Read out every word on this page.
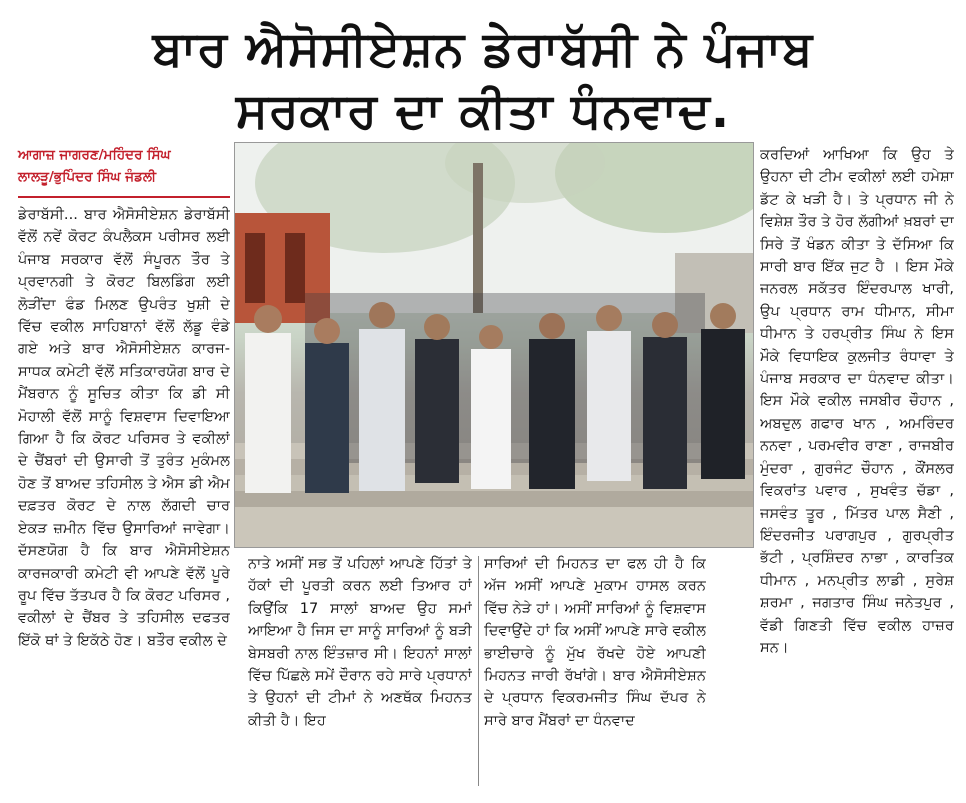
ਬਾਰ ਐਸੋਸੀਏਸ਼ਨ ਡੇਰਾਬੱਸੀ ਨੇ ਪੰਜਾਬ
ਸਰਕਾਰ ਦਾ ਕੀਤਾ ਧੰਨਵਾਦ.
ਆਗਾਜ਼ ਜਾਗਰਣ/ਮਹਿੰਦਰ ਸਿੰਘ
ਲਾਲੜੂ/ਭੁਪਿੰਦਰ ਸਿੰਘ ਜੰਡਲੀ

ਡੇਰਾਬੱਸੀ... ਬਾਰ ਐਸੋਸੀਏਸ਼ਨ ਡੇਰਾਬੱਸੀ ਵੱਲੋਂ ਨਵੇਂ ਕੋਰਟ ਕੰਪਲੈਕਸ ਪਰੀਸਰ ਲਈ ਪੰਜਾਬ ਸਰਕਾਰ ਵੱਲੋਂ ਸੰਪੂਰਨ ਤੌਰ ਤੇ ਪ੍ਰਵਾਨਗੀ ਤੇ ਕੋਰਟ ਬਿਲਡਿੰਗ ਲਈ ਲੋੜੀਂਦਾ ਫੰਡ ਮਿਲਣ ਉਪਰੰਤ ਖੁਸ਼ੀ ਦੇ ਵਿੱਚ ਵਕੀਲ ਸਾਹਿਬਾਨਾਂ ਵੱਲੋਂ ਲੱਡੂ ਵੰਡੇ ਗਏ ਅਤੇ ਬਾਰ ਐਸੋਸੀਏਸ਼ਨ ਕਾਰਜ-ਸਾਧਕ ਕਮੇਟੀ ਵੱਲੋਂ ਸਤਿਕਾਰਯੋਗ ਬਾਰ ਦੇ ਮੈਂਬਰਾਨ ਨੂੰ ਸੂਚਿਤ ਕੀਤਾ ਕਿ ਡੀ ਸੀ ਮੋਹਾਲੀ ਵੱਲੋਂ ਸਾਨੂੰ ਵਿਸ਼ਵਾਸ ਦਿਵਾਇਆ ਗਿਆ ਹੈ ਕਿ ਕੋਰਟ ਪਰਿਸਰ ਤੇ ਵਕੀਲਾਂ ਦੇ ਚੈਂਬਰਾਂ ਦੀ ਉਸਾਰੀ ਤੋਂ ਤੁਰੰਤ ਮੁਕੰਮਲ ਹੋਣ ਤੋਂ ਬਾਅਦ ਤਹਿਸੀਲ ਤੇ ਐਸ ਡੀ ਐਮ ਦਫ਼ਤਰ ਕੋਰਟ ਦੇ ਨਾਲ ਲੱਗਦੀ ਚਾਰ ਏਕੜ ਜ਼ਮੀਨ ਵਿੱਚ ਉਸਾਰਿਆਂ ਜਾਵੇਗਾ। ਦੱਸਣਯੋਗ ਹੈ ਕਿ ਬਾਰ ਐਸੋਸੀਏਸ਼ਨ ਕਾਰਜਕਾਰੀ ਕਮੇਟੀ ਵੀ ਆਪਣੇ ਵੱਲੋਂ ਪੂਰੇ ਰੂਪ ਵਿੱਚ ਤੱਤਪਰ ਹੈ ਕਿ ਕੋਰਟ ਪਰਿਸਰ , ਵਕੀਲਾਂ ਦੇ ਚੈਂਬਰ ਤੇ ਤਹਿਸੀਲ ਦਫਤਰ ਇੱਕੋ ਥਾਂ ਤੇ ਇਕੱਠੇ ਹੋਣ। ਬਤੌਰ ਵਕੀਲ ਦੇ

ਨਾਤੇ ਅਸੀਂ ਸਭ ਤੋਂ ਪਹਿਲਾਂ ਆਪਣੇ ਹਿੱਤਾਂ ਤੇ ਹੱਕਾਂ ਦੀ ਪੂਰਤੀ ਕਰਨ ਲਈ ਤਿਆਰ ਹਾਂ ਕਿਉਂਕਿ 17 ਸਾਲਾਂ ਬਾਅਦ ਉਹ ਸਮਾਂ ਆਇਆ ਹੈ ਜਿਸ ਦਾ ਸਾਨੂੰ ਸਾਰਿਆਂ ਨੂੰ ਬੜੀ ਬੇਸਬਰੀ ਨਾਲ ਇੰਤਜ਼ਾਰ ਸੀ। ਇਹਨਾਂ ਸਾਲਾਂ ਵਿੱਚ ਪਿੱਛਲੇ ਸਮੇਂ ਦੌਰਾਨ ਰਹੇ ਸਾਰੇ ਪ੍ਰਧਾਨਾਂ ਤੇ ਉਹਨਾਂ ਦੀ ਟੀਮਾਂ ਨੇ ਅਣਥੱਕ ਮਿਹਨਤ ਕੀਤੀ ਹੈ। ਇਹ

ਸਾਰਿਆਂ ਦੀ ਮਿਹਨਤ ਦਾ ਫਲ ਹੀ ਹੈ ਕਿ ਅੱਜ ਅਸੀਂ ਆਪਣੇ ਮੁਕਾਮ ਹਾਸਲ ਕਰਨ ਵਿੱਚ ਨੇੜੇ ਹਾਂ। ਅਸੀਂ ਸਾਰਿਆਂ ਨੂੰ ਵਿਸ਼ਵਾਸ ਦਿਵਾਉਂਦੇ ਹਾਂ ਕਿ ਅਸੀਂ ਆਪਣੇ ਸਾਰੇ ਵਕੀਲ ਭਾਈਚਾਰੇ ਨੂੰ ਮੁੱਖ ਰੱਖਦੇ ਹੋਏ ਆਪਣੀ ਮਿਹਨਤ ਜਾਰੀ ਰੱਖਾਂਗੇ। ਬਾਰ ਐਸੋਸੀਏਸ਼ਨ ਦੇ ਪ੍ਰਧਾਨ ਵਿਕਰਮਜੀਤ ਸਿੰਘ ਦੱਪਰ ਨੇ ਸਾਰੇ ਬਾਰ ਮੈਂਬਰਾਂ ਦਾ ਧੰਨਵਾਦ

ਕਰਦਿਆਂ ਆਖਿਆ ਕਿ ਉਹ ਤੇ ਉਹਨਾ ਦੀ ਟੀਮ ਵਕੀਲਾਂ ਲਈ ਹਮੇਸ਼ਾ ਡੱਟ ਕੇ ਖੜੀ ਹੈ। ਤੇ ਪ੍ਰਧਾਨ ਜੀ ਨੇ ਵਿਸ਼ੇਸ਼ ਤੌਰ ਤੇ ਹੋਰ ਲੱਗੀਆਂ ਖ਼ਬਰਾਂ ਦਾ ਸਿਰੇ ਤੋਂ ਖੰਡਨ ਕੀਤਾ ਤੇ ਦੱਸਿਆ ਕਿ ਸਾਰੀ ਬਾਰ ਇੱਕ ਜੁਟ ਹੈ । ਇਸ ਮੌਕੇ ਜਨਰਲ ਸਕੱਤਰ ਇੰਦਰਪਾਲ ਖਾਰੀ, ਉਪ ਪ੍ਰਧਾਨ ਰਾਮ ਧੀਮਾਨ, ਸੀਮਾ ਧੀਮਾਨ ਤੇ ਹਰਪ੍ਰੀਤ ਸਿੰਘ ਨੇ ਇਸ ਮੌਕੇ ਵਿਧਾਇਕ ਕੁਲਜੀਤ ਰੰਧਾਵਾ ਤੇ ਪੰਜਾਬ ਸਰਕਾਰ ਦਾ ਧੰਨਵਾਦ ਕੀਤਾ। ਇਸ ਮੌਕੇ ਵਕੀਲ ਜਸਬੀਰ ਚੌਹਾਨ , ਅਬਦੁਲ ਗਫਾਰ ਖਾਨ , ਅਮਰਿੰਦਰ ਨਨਵਾ , ਪਰਮਵੀਰ ਰਾਣਾ , ਰਾਜਬੀਰ ਮੁੰਦਰਾ , ਗੁਰਜੰਟ ਚੌਹਾਨ , ਕੌਂਸਲਰ ਵਿਕਰਾਂਤ ਪਵਾਰ , ਸੁਖਵੰਤ ਚੱਡਾ , ਜਸਵੰਤ ਤੂਰ , ਮਿੱਤਰ ਪਾਲ ਸੈਣੀ , ਇੰਦਰਜੀਤ ਪਰਾਗਪੁਰ , ਗੁਰਪ੍ਰੀਤ ਭੱਟੀ , ਪ੍ਰਸ਼ਿੰਦਰ ਨਾਭਾ , ਕਾਰਤਿਕ ਧੀਮਾਨ , ਮਨਪ੍ਰੀਤ ਲਾਡੀ , ਸੁਰੇਸ਼ ਸ਼ਰਮਾ , ਜਗਤਾਰ ਸਿੰਘ ਜਨੇਤਪੁਰ , ਵੱਡੀ ਗਿਣਤੀ ਵਿੱਚ ਵਕੀਲ ਹਾਜ਼ਰ ਸਨ।
